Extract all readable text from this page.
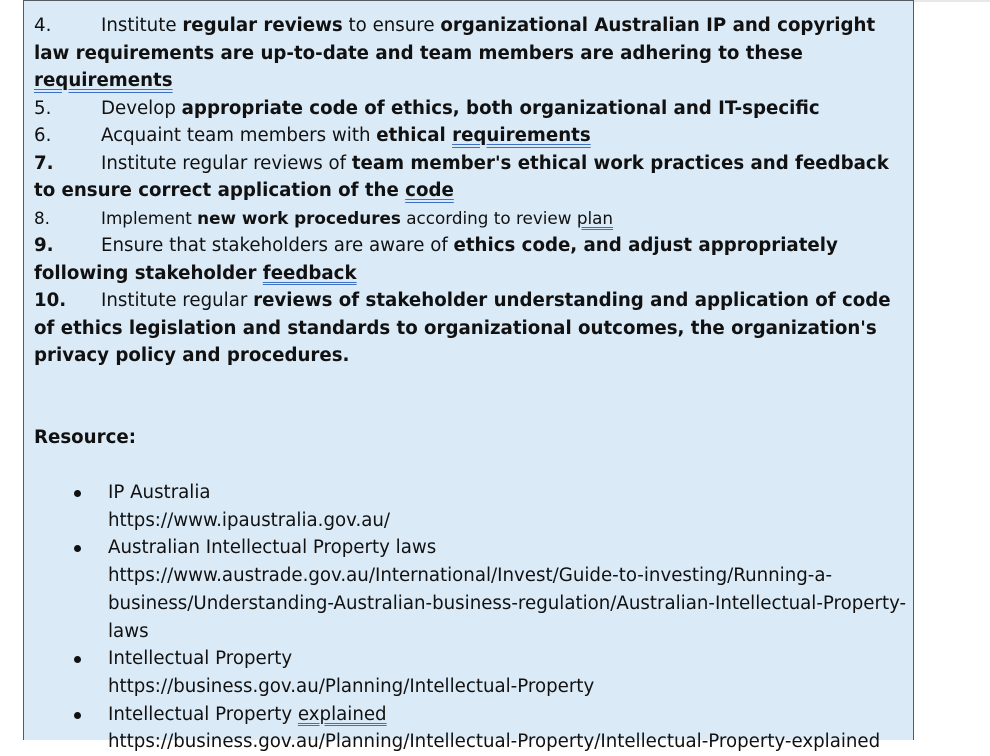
4.	Institute regular reviews to ensure organizational Australian IP and copyright law requirements are up-to-date and team members are adhering to these requirements

5.	Develop appropriate code of ethics, both organizational and IT-specific

6.	Acquaint team members with ethical requirements

7.	Institute regular reviews of team member's ethical work practices and feedback to ensure correct application of the code

8.	Implement new work procedures according to review plan

9.	Ensure that stakeholders are aware of ethics code, and adjust appropriately following stakeholder feedback

10. Institute regular reviews of stakeholder understanding and application of code of ethics legislation and standards to organizational outcomes, the organization's privacy policy and procedures.

Resource:

IP Australia
https://www.ipaustralia.gov.au/
Australian Intellectual Property laws
https://www.austrade.gov.au/International/Invest/Guide-to-investing/Running-a-business/Understanding-Australian-business-regulation/Australian-Intellectual-Property-laws
Intellectual Property
https://business.gov.au/Planning/Intellectual-Property
Intellectual Property explained
https://business.gov.au/Planning/Intellectual-Property/Intellectual-Property-explained
